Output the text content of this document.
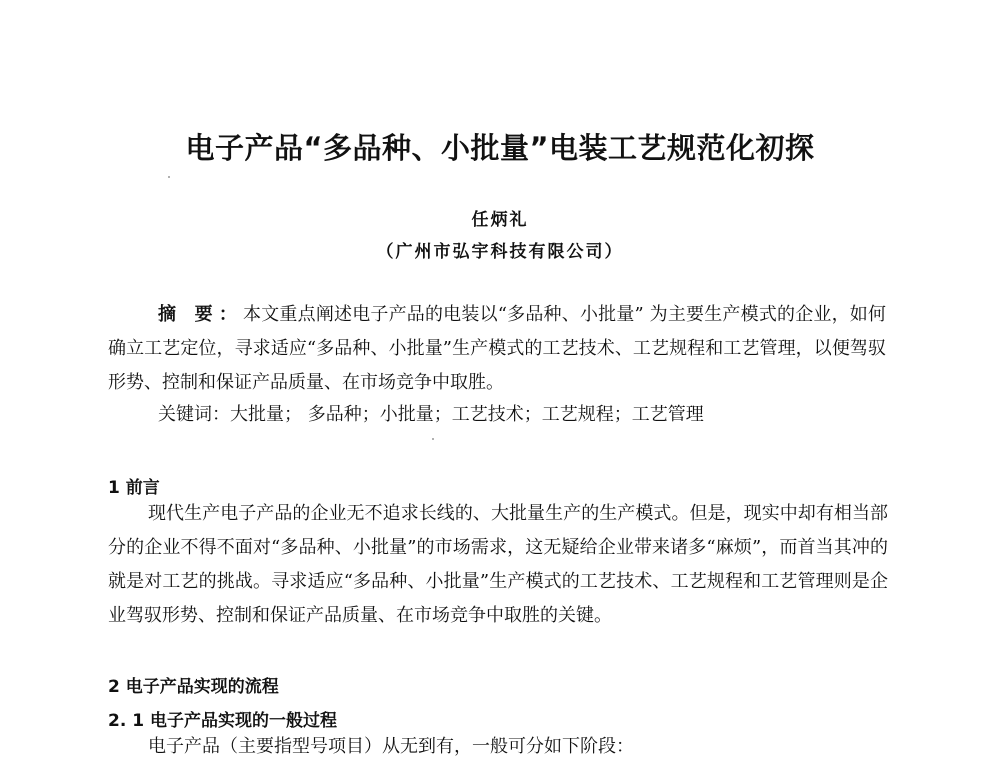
电子产品“多品种、小批量”电装工艺规范化初探
任炳礼
（广州市弘宇科技有限公司）
摘 要：本文重点阐述电子产品的电装以“多品种、小批量” 为主要生产模式的企业，如何确立工艺定位，寻求适应“多品种、小批量”生产模式的工艺技术、工艺规程和工艺管理，以便驾驭形势、控制和保证产品质量、在市场竞争中取胜。
关键词：大批量； 多品种；小批量；工艺技术；工艺规程；工艺管理
1 前言
现代生产电子产品的企业无不追求长线的、大批量生产的生产模式。但是，现实中却有相当部分的企业不得不面对“多品种、小批量”的市场需求，这无疑给企业带来诸多“麻烦”，而首当其冲的就是对工艺的挑战。寻求适应“多品种、小批量”生产模式的工艺技术、工艺规程和工艺管理则是企业驾驭形势、控制和保证产品质量、在市场竞争中取胜的关键。
2 电子产品实现的流程
2. 1 电子产品实现的一般过程
电子产品（主要指型号项目）从无到有，一般可分如下阶段：
